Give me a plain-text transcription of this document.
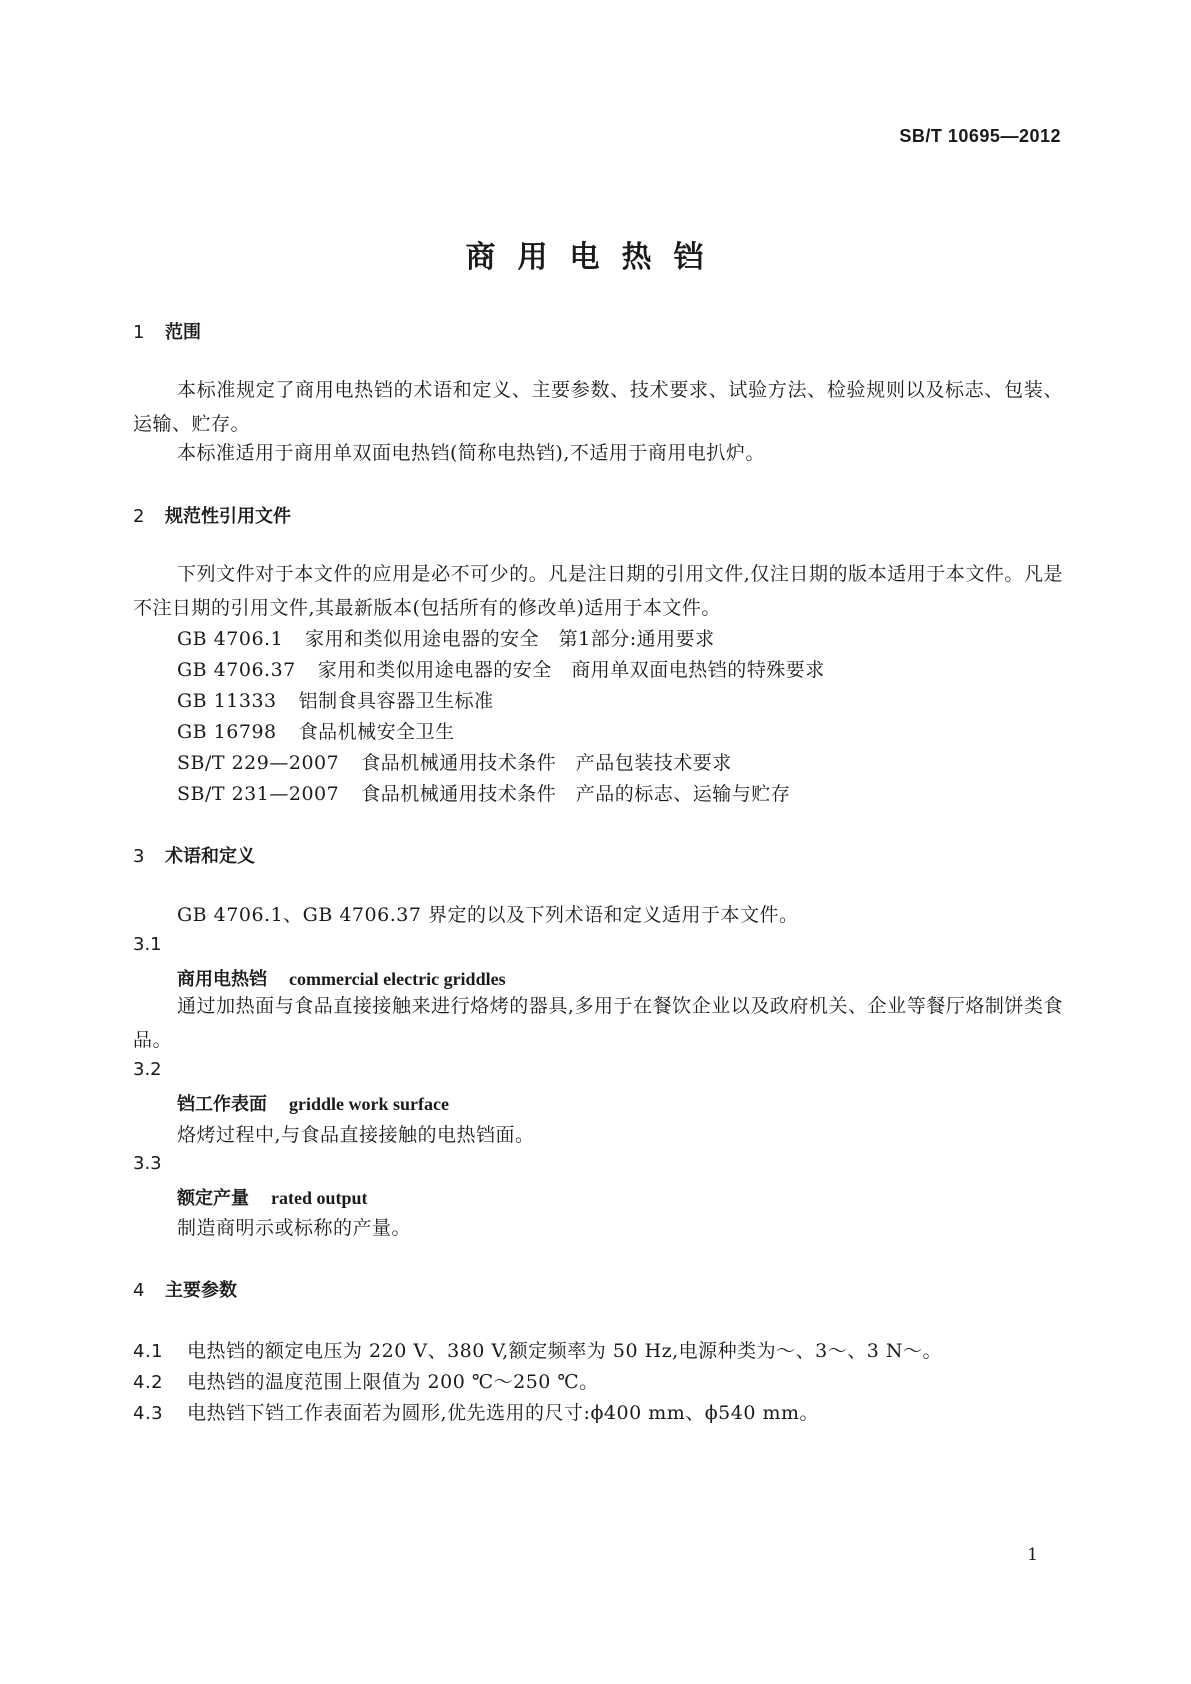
SB/T 10695—2012
商用电热铛
1 范围
本标准规定了商用电热铛的术语和定义、主要参数、技术要求、试验方法、检验规则以及标志、包装、运输、贮存。
本标准适用于商用单双面电热铛(简称电热铛),不适用于商用电扒炉。
2 规范性引用文件
下列文件对于本文件的应用是必不可少的。凡是注日期的引用文件,仅注日期的版本适用于本文件。凡是不注日期的引用文件,其最新版本(包括所有的修改单)适用于本文件。
GB 4706.1 家用和类似用途电器的安全　第1部分:通用要求
GB 4706.37 家用和类似用途电器的安全　商用单双面电热铛的特殊要求
GB 11333 铝制食具容器卫生标准
GB 16798 食品机械安全卫生
SB/T 229—2007 食品机械通用技术条件　产品包装技术要求
SB/T 231—2007 食品机械通用技术条件　产品的标志、运输与贮存
3 术语和定义
GB 4706.1、GB 4706.37 界定的以及下列术语和定义适用于本文件。
3.1
商用电热铛 commercial electric griddles
通过加热面与食品直接接触来进行烙烤的器具,多用于在餐饮企业以及政府机关、企业等餐厅烙制饼类食品。
3.2
铛工作表面 griddle work surface
烙烤过程中,与食品直接接触的电热铛面。
3.3
额定产量 rated output
制造商明示或标称的产量。
4 主要参数
4.1 电热铛的额定电压为 220 V、380 V,额定频率为 50 Hz,电源种类为～、3～、3 N～。
4.2 电热铛的温度范围上限值为 200 ℃～250 ℃。
4.3 电热铛下铛工作表面若为圆形,优先选用的尺寸:ϕ400 mm、ϕ540 mm。
1
